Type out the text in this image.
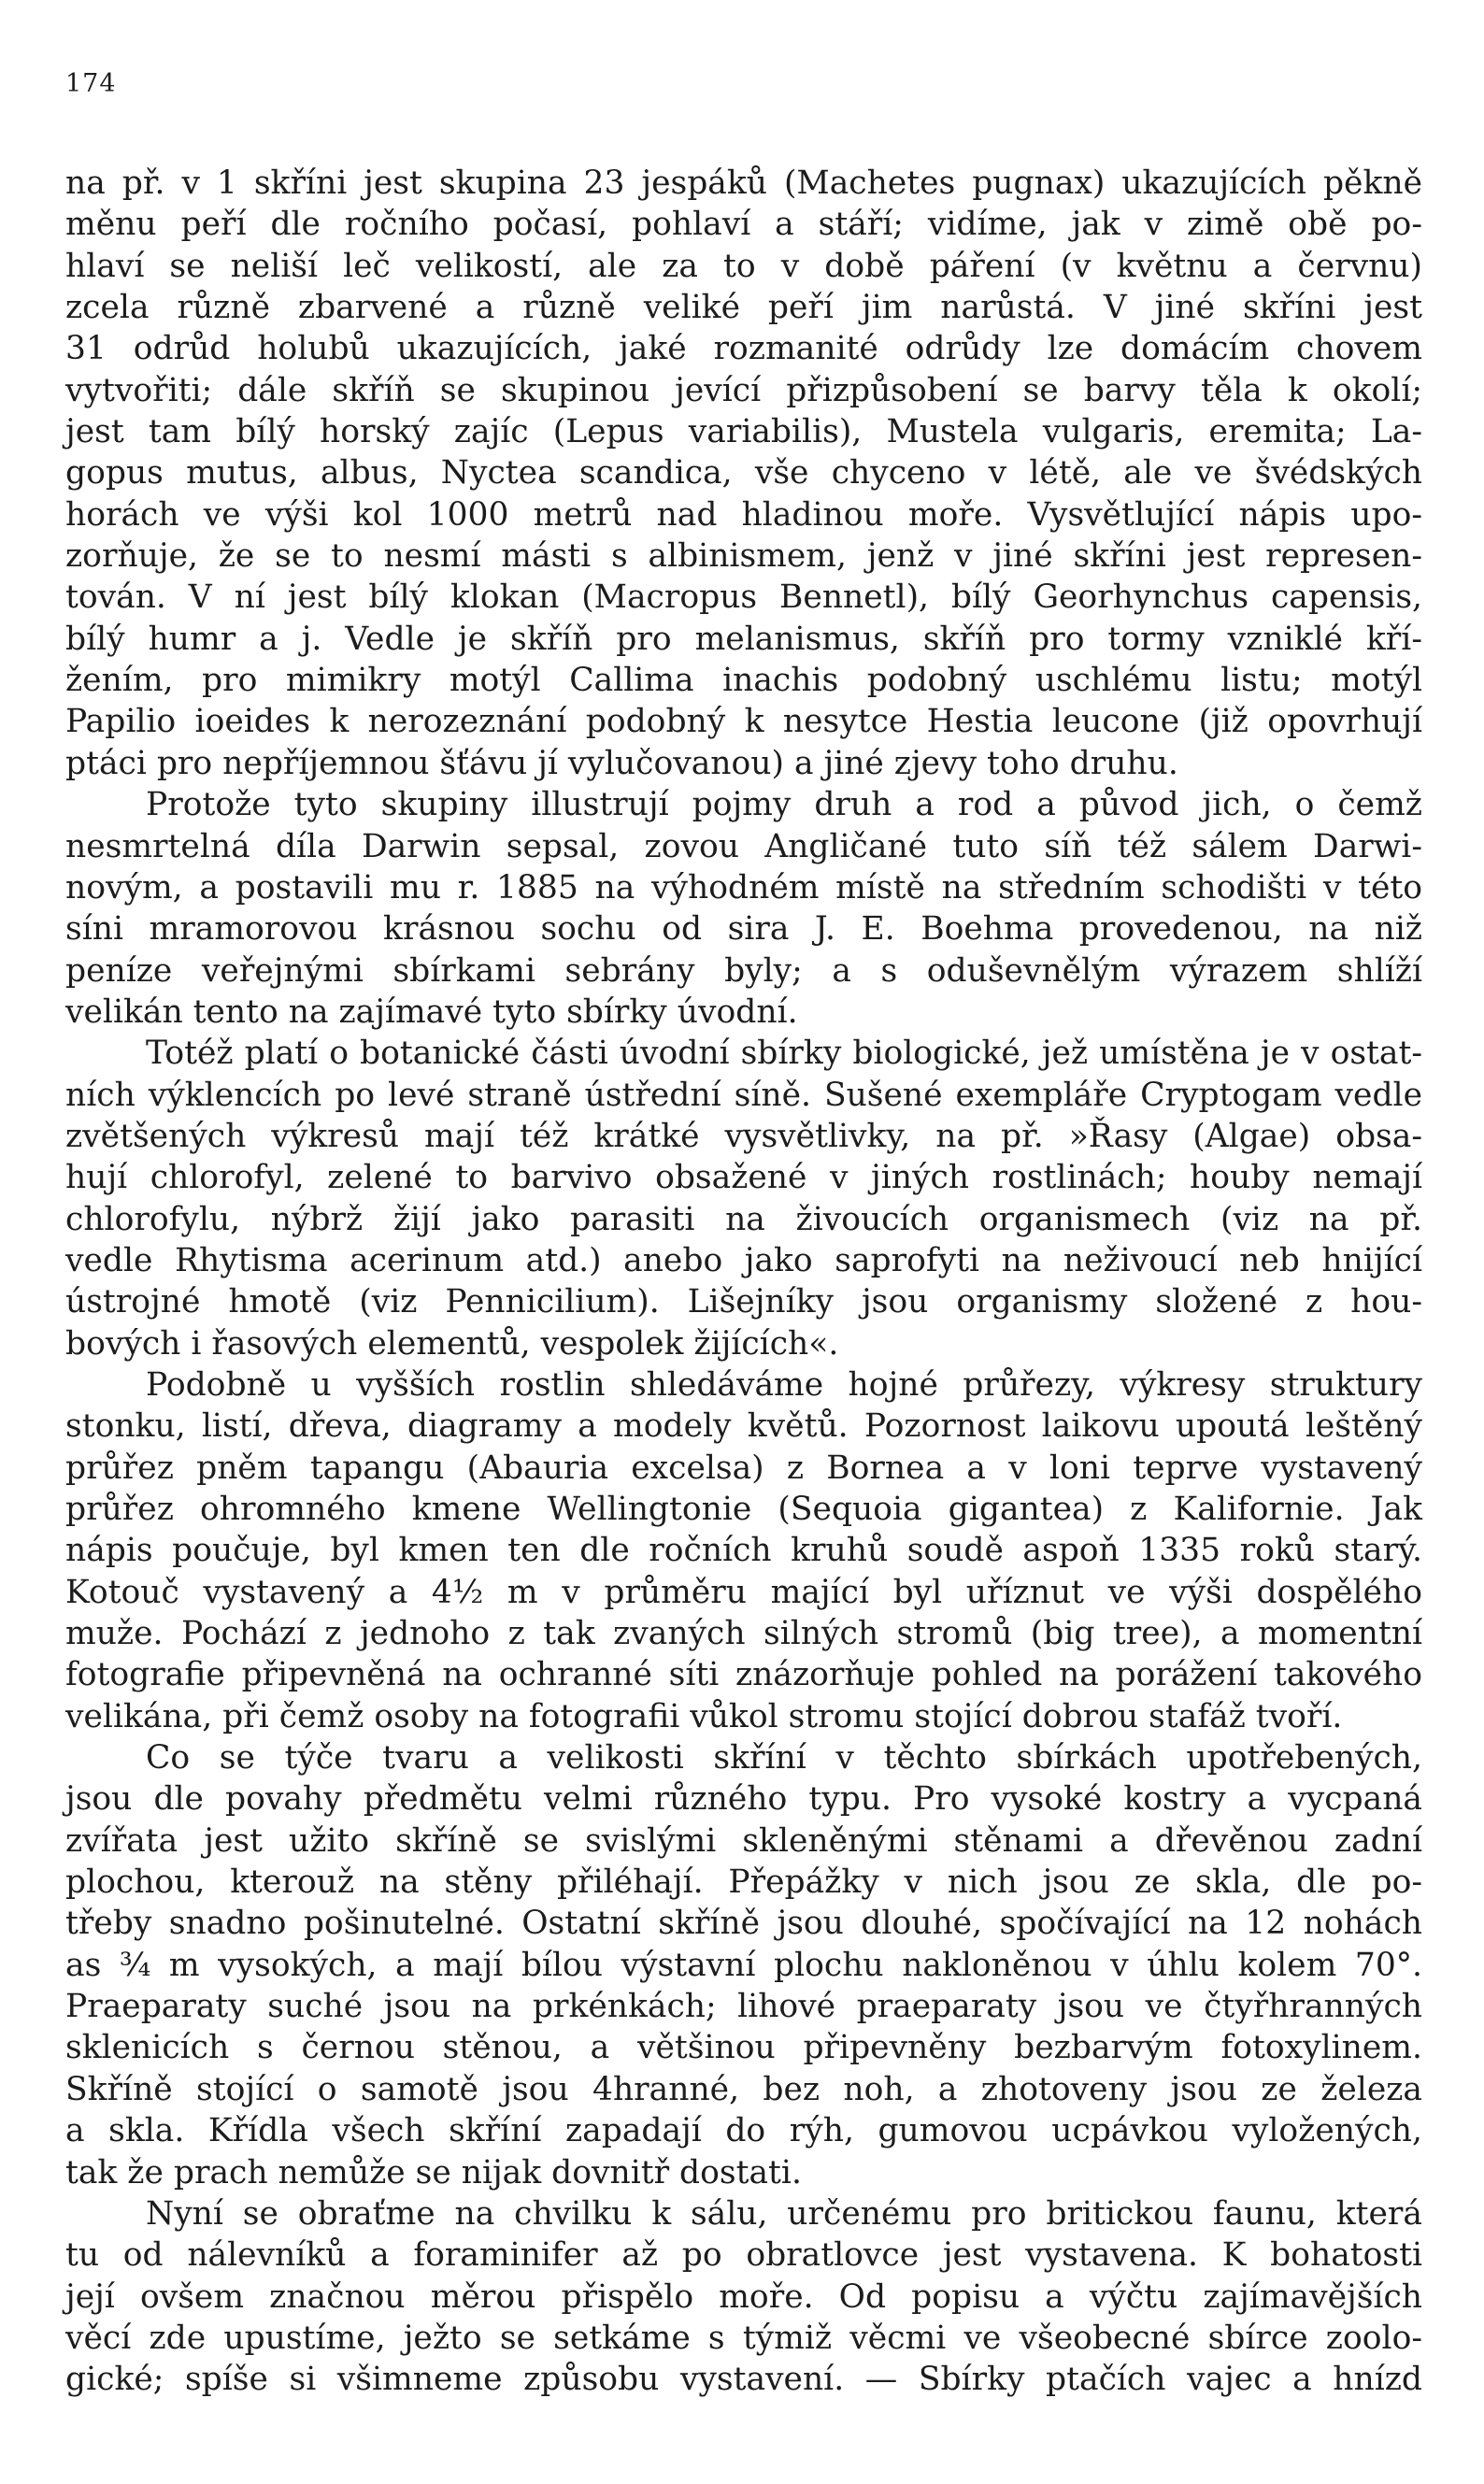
174
na př. v 1 skříni jest skupina 23 jespáků (Machetes pugnax) ukazujících pěkně
měnu peří dle ročního počasí, pohlaví a stáří; vidíme, jak v zimě obě po-
hlaví se neliší leč velikostí, ale za to v době páření (v květnu a červnu)
zcela různě zbarvené a různě veliké peří jim narůstá. V jiné skříni jest
31 odrůd holubů ukazujících, jaké rozmanité odrůdy lze domácím chovem
vytvořiti; dále skříň se skupinou jevící přizpůsobení se barvy těla k okolí;
jest tam bílý horský zajíc (Lepus variabilis), Mustela vulgaris, eremita; La-
gopus mutus, albus, Nyctea scandica, vše chyceno v létě, ale ve švédských
horách ve výši kol 1000 metrů nad hladinou moře. Vysvětlující nápis upo-
zorňuje, že se to nesmí másti s albinismem, jenž v jiné skříni jest represen-
tován. V ní jest bílý klokan (Macropus Bennetl), bílý Georhynchus capensis,
bílý humr a j. Vedle je skříň pro melanismus, skříň pro tormy vzniklé kří-
žením, pro mimikry motýl Callima inachis podobný uschlému listu; motýl
Papilio ioeides k nerozeznání podobný k nesytce Hestia leucone (již opovrhují
ptáci pro nepříjemnou šťávu jí vylučovanou) a jiné zjevy toho druhu.
Protože tyto skupiny illustrují pojmy druh a rod a původ jich, o čemž
nesmrtelná díla Darwin sepsal, zovou Angličané tuto síň též sálem Darwi-
novým, a postavili mu r. 1885 na výhodném místě na středním schodišti v této
síni mramorovou krásnou sochu od sira J. E. Boehma provedenou, na niž
peníze veřejnými sbírkami sebrány byly; a s oduševnělým výrazem shlíží
velikán tento na zajímavé tyto sbírky úvodní.
Totéž platí o botanické části úvodní sbírky biologické, jež umístěna je v ostat-
ních výklencích po levé straně ústřední síně. Sušené exempláře Cryptogam vedle
zvětšených výkresů mají též krátké vysvětlivky, na př. »Řasy (Algae) obsa-
hují chlorofyl, zelené to barvivo obsažené v jiných rostlinách; houby nemají
chlorofylu, nýbrž žijí jako parasiti na živoucích organismech (viz na př.
vedle Rhytisma acerinum atd.) anebo jako saprofyti na neživoucí neb hnijící
ústrojné hmotě (viz Pennicilium). Lišejníky jsou organismy složené z hou-
bových i řasových elementů, vespolek žijících«.
Podobně u vyšších rostlin shledáváme hojné průřezy, výkresy struktury
stonku, listí, dřeva, diagramy a modely květů. Pozornost laikovu upoutá leštěný
průřez pněm tapangu (Abauria excelsa) z Bornea a v loni teprve vystavený
průřez ohromného kmene Wellingtonie (Sequoia gigantea) z Kalifornie. Jak
nápis poučuje, byl kmen ten dle ročních kruhů soudě aspoň 1335 roků starý.
Kotouč vystavený a 4½ m v průměru mající byl uříznut ve výši dospělého
muže. Pochází z jednoho z tak zvaných silných stromů (big tree), a momentní
fotografie připevněná na ochranné síti znázorňuje pohled na porážení takového
velikána, při čemž osoby na fotografii vůkol stromu stojící dobrou stafáž tvoří.
Co se týče tvaru a velikosti skříní v těchto sbírkách upotřebených,
jsou dle povahy předmětu velmi různého typu. Pro vysoké kostry a vycpaná
zvířata jest užito skříně se svislými skleněnými stěnami a dřevěnou zadní
plochou, kterouž na stěny přiléhají. Přepážky v nich jsou ze skla, dle po-
třeby snadno pošinutelné. Ostatní skříně jsou dlouhé, spočívající na 12 nohách
as ¾ m vysokých, a mají bílou výstavní plochu nakloněnou v úhlu kolem 70°.
Praeparaty suché jsou na prkénkách; lihové praeparaty jsou ve čtyřhranných
sklenicích s černou stěnou, a většinou připevněny bezbarvým fotoxylinem.
Skříně stojící o samotě jsou 4hranné, bez noh, a zhotoveny jsou ze železa
a skla. Křídla všech skříní zapadají do rýh, gumovou ucpávkou vyložených,
tak že prach nemůže se nijak dovnitř dostati.
Nyní se obraťme na chvilku k sálu, určenému pro britickou faunu, která
tu od nálevníků a foraminifer až po obratlovce jest vystavena. K bohatosti
její ovšem značnou měrou přispělo moře. Od popisu a výčtu zajímavějších
věcí zde upustíme, ježto se setkáme s týmiž věcmi ve všeobecné sbírce zoolo-
gické; spíše si všimneme způsobu vystavení. — Sbírky ptačích vajec a hnízd
